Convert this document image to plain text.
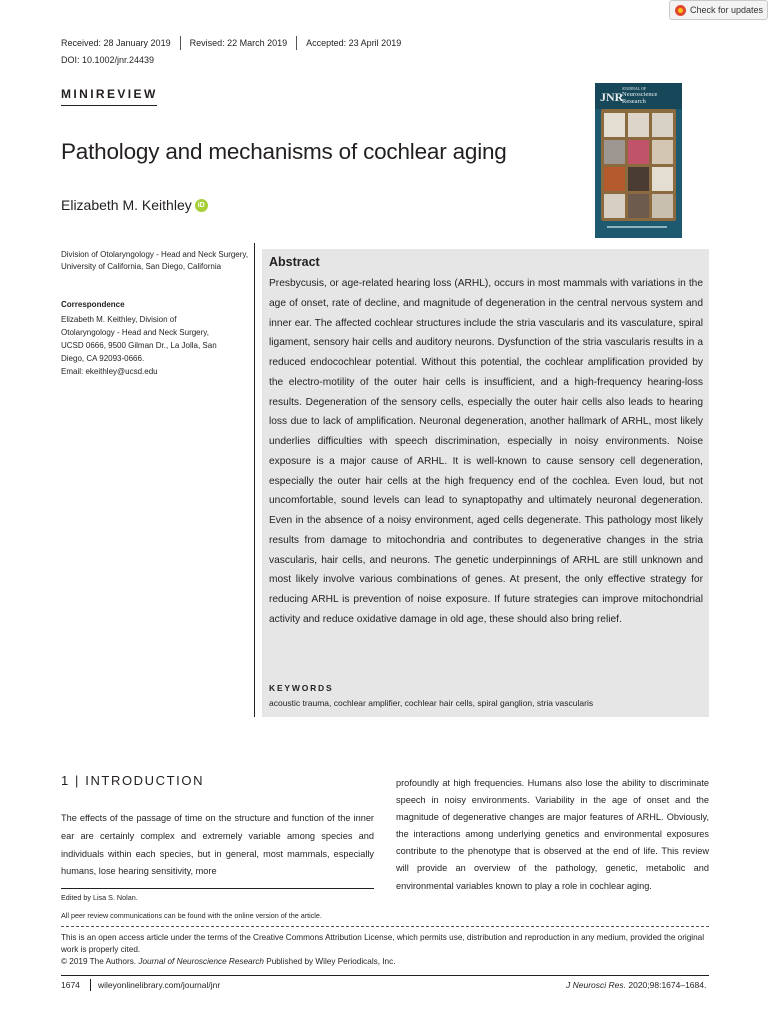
Check for updates
Received: 28 January 2019 Revised: 22 March 2019 Accepted: 23 April 2019
DOI: 10.1002/jnr.24439
MINIREVIEW
Pathology and mechanisms of cochlear aging
Elizabeth M. Keithley iD
JNR
JOURNAL OF
Neuroscience
Research
Division of Otolaryngology - Head and Neck Surgery, University of California, San Diego, California
Correspondence
Elizabeth M. Keithley, Division of
Otolaryngology - Head and Neck Surgery,
UCSD 0666, 9500 Gilman Dr., La Jolla, San
Diego, CA 92093-0666.
Email: ekeithley@ucsd.edu
Abstract
Presbycusis, or age-related hearing loss (ARHL), occurs in most mammals with variations in the age of onset, rate of decline, and magnitude of degeneration in the central nervous system and inner ear. The affected cochlear structures include the stria vascularis and its vasculature, spiral ligament, sensory hair cells and auditory neurons. Dysfunction of the stria vascularis results in a reduced endocochlear potential. Without this potential, the cochlear amplification provided by the electro-motility of the outer hair cells is insufficient, and a high-frequency hearing-loss results. Degeneration of the sensory cells, especially the outer hair cells also leads to hearing loss due to lack of amplification. Neuronal degeneration, another hallmark of ARHL, most likely underlies difficulties with speech discrimination, especially in noisy environments. Noise exposure is a major cause of ARHL. It is well-known to cause sensory cell degeneration, especially the outer hair cells at the high frequency end of the cochlea. Even loud, but not uncomfortable, sound levels can lead to synaptopathy and ultimately neuronal degeneration. Even in the absence of a noisy environment, aged cells degenerate. This pathology most likely results from damage to mitochondria and contributes to degenerative changes in the stria vascularis, hair cells, and neurons. The genetic underpinnings of ARHL are still unknown and most likely involve various combinations of genes. At present, the only effective strategy for reducing ARHL is prevention of noise exposure. If future strategies can improve mitochondrial activity and reduce oxidative damage in old age, these should also bring relief.
KEYWORDS
acoustic trauma, cochlear amplifier, cochlear hair cells, spiral ganglion, stria vascularis
1 | INTRODUCTION
The effects of the passage of time on the structure and function of the inner ear are certainly complex and extremely variable among species and individuals within each species, but in general, most mammals, especially humans, lose hearing sensitivity, more
profoundly at high frequencies. Humans also lose the ability to discriminate speech in noisy environments. Variability in the age of onset and the magnitude of degenerative changes are major features of ARHL. Obviously, the interactions among underlying genetics and environmental exposures contribute to the phenotype that is observed at the end of life. This review will provide an overview of the pathology, genetic, metabolic and environmental variables known to play a role in cochlear aging.
Edited by Lisa S. Nolan.
All peer review communications can be found with the online version of the article.
This is an open access article under the terms of the Creative Commons Attribution License, which permits use, distribution and reproduction in any medium, provided the original work is properly cited.
© 2019 The Authors. Journal of Neuroscience Research Published by Wiley Periodicals, Inc.
1674 wileyonlinelibrary.com/journal/jnr	J Neurosci Res. 2020;98:1674–1684.
